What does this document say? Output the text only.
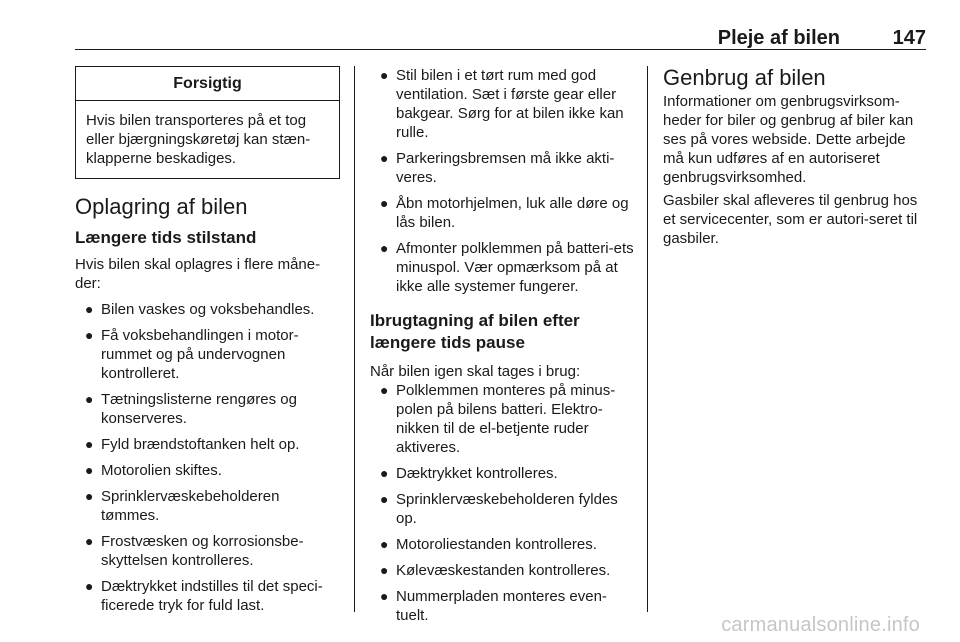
Pleje af bilen	147
Forsigtig
Hvis bilen transporteres på et tog eller bjærgningskøretøj kan stæn-klapperne beskadiges.
Oplagring af bilen
Længere tids stilstand

Hvis bilen skal oplagres i flere måne-der:

● Bilen vaskes og voksbehandles.
● Få voksbehandlingen i motor-rummet og på undervognen kontrolleret.
● Tætningslisterne rengøres og konserveres.
● Fyld brændstoftanken helt op.
● Motorolien skiftes.
● Sprinklervæskebeholderen tømmes.
● Frostvæsken og korrosionsbe-skyttelsen kontrolleres.
● Dæktrykket indstilles til det speci-ficerede tryk for fuld last.
● Stil bilen i et tørt rum med god ventilation. Sæt i første gear eller bakgear. Sørg for at bilen ikke kan rulle.
● Parkeringsbremsen må ikke akti-veres.
● Åbn motorhjelmen, luk alle døre og lås bilen.
● Afmonter polklemmen på batteri-ets minuspol. Vær opmærksom på at ikke alle systemer fungerer.
Ibrugtagning af bilen efter længere tids pause

Når bilen igen skal tages i brug:

● Polklemmen monteres på minus-polen på bilens batteri. Elektro-nikken til de el-betjente ruder aktiveres.
● Dæktrykket kontrolleres.
● Sprinklervæskebeholderen fyldes op.
● Motoroliestanden kontrolleres.
● Kølevæskestanden kontrolleres.
● Nummerpladen monteres even-tuelt.
Genbrug af bilen

Informationer om genbrugsvirksom-heder for biler og genbrug af biler kan ses på vores webside. Dette arbejde må kun udføres af en autoriseret genbrugsvirksomhed.

Gasbiler skal afleveres til genbrug hos et servicecenter, som er autori-seret til gasbiler.

carmanualsonline.info
